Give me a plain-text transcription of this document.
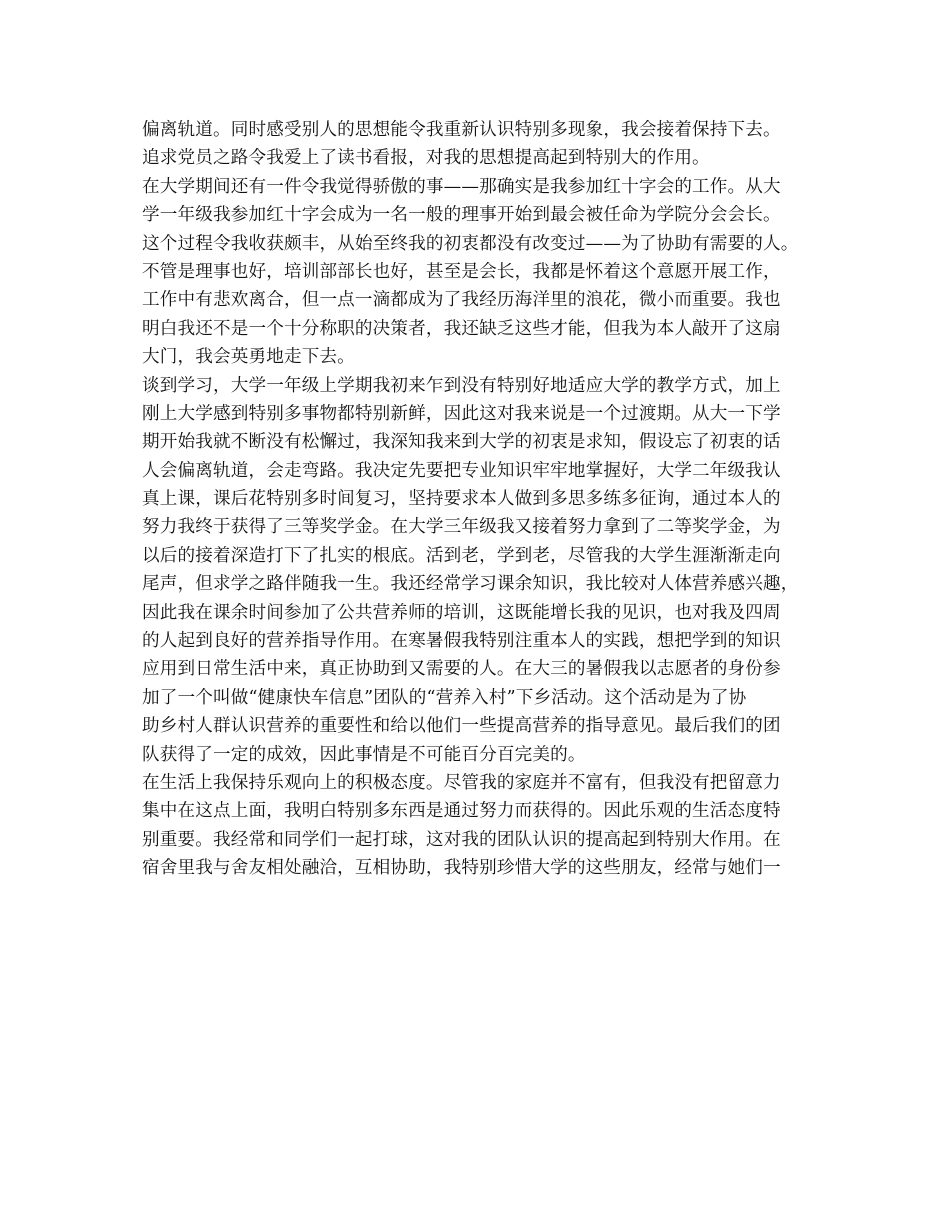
偏离轨道。同时感受别人的思想能令我重新认识特别多现象，我会接着保持下去。
追求党员之路令我爱上了读书看报，对我的思想提高起到特别大的作用。
在大学期间还有一件令我觉得骄傲的事——那确实是我参加红十字会的工作。从大
学一年级我参加红十字会成为一名一般的理事开始到最会被任命为学院分会会长。
这个过程令我收获颇丰，从始至终我的初衷都没有改变过——为了协助有需要的人。
不管是理事也好，培训部部长也好，甚至是会长，我都是怀着这个意愿开展工作，
工作中有悲欢离合，但一点一滴都成为了我经历海洋里的浪花，微小而重要。我也
明白我还不是一个十分称职的决策者，我还缺乏这些才能，但我为本人敲开了这扇
大门，我会英勇地走下去。
谈到学习，大学一年级上学期我初来乍到没有特别好地适应大学的教学方式，加上
刚上大学感到特别多事物都特别新鲜，因此这对我来说是一个过渡期。从大一下学
期开始我就不断没有松懈过，我深知我来到大学的初衷是求知，假设忘了初衷的话
人会偏离轨道，会走弯路。我决定先要把专业知识牢牢地掌握好，大学二年级我认
真上课，课后花特别多时间复习，坚持要求本人做到多思多练多征询，通过本人的
努力我终于获得了三等奖学金。在大学三年级我又接着努力拿到了二等奖学金，为
以后的接着深造打下了扎实的根底。活到老，学到老，尽管我的大学生涯渐渐走向
尾声，但求学之路伴随我一生。我还经常学习课余知识，我比较对人体营养感兴趣，
因此我在课余时间参加了公共营养师的培训，这既能增长我的见识，也对我及四周
的人起到良好的营养指导作用。在寒暑假我特别注重本人的实践，想把学到的知识
应用到日常生活中来，真正协助到又需要的人。在大三的暑假我以志愿者的身份参
加了一个叫做“健康快车信息”团队的“营养入村”下乡活动。这个活动是为了协
助乡村人群认识营养的重要性和给以他们一些提高营养的指导意见。最后我们的团
队获得了一定的成效，因此事情是不可能百分百完美的。
在生活上我保持乐观向上的积极态度。尽管我的家庭并不富有，但我没有把留意力
集中在这点上面，我明白特别多东西是通过努力而获得的。因此乐观的生活态度特
别重要。我经常和同学们一起打球，这对我的团队认识的提高起到特别大作用。在
宿舍里我与舍友相处融洽，互相协助，我特别珍惜大学的这些朋友，经常与她们一
